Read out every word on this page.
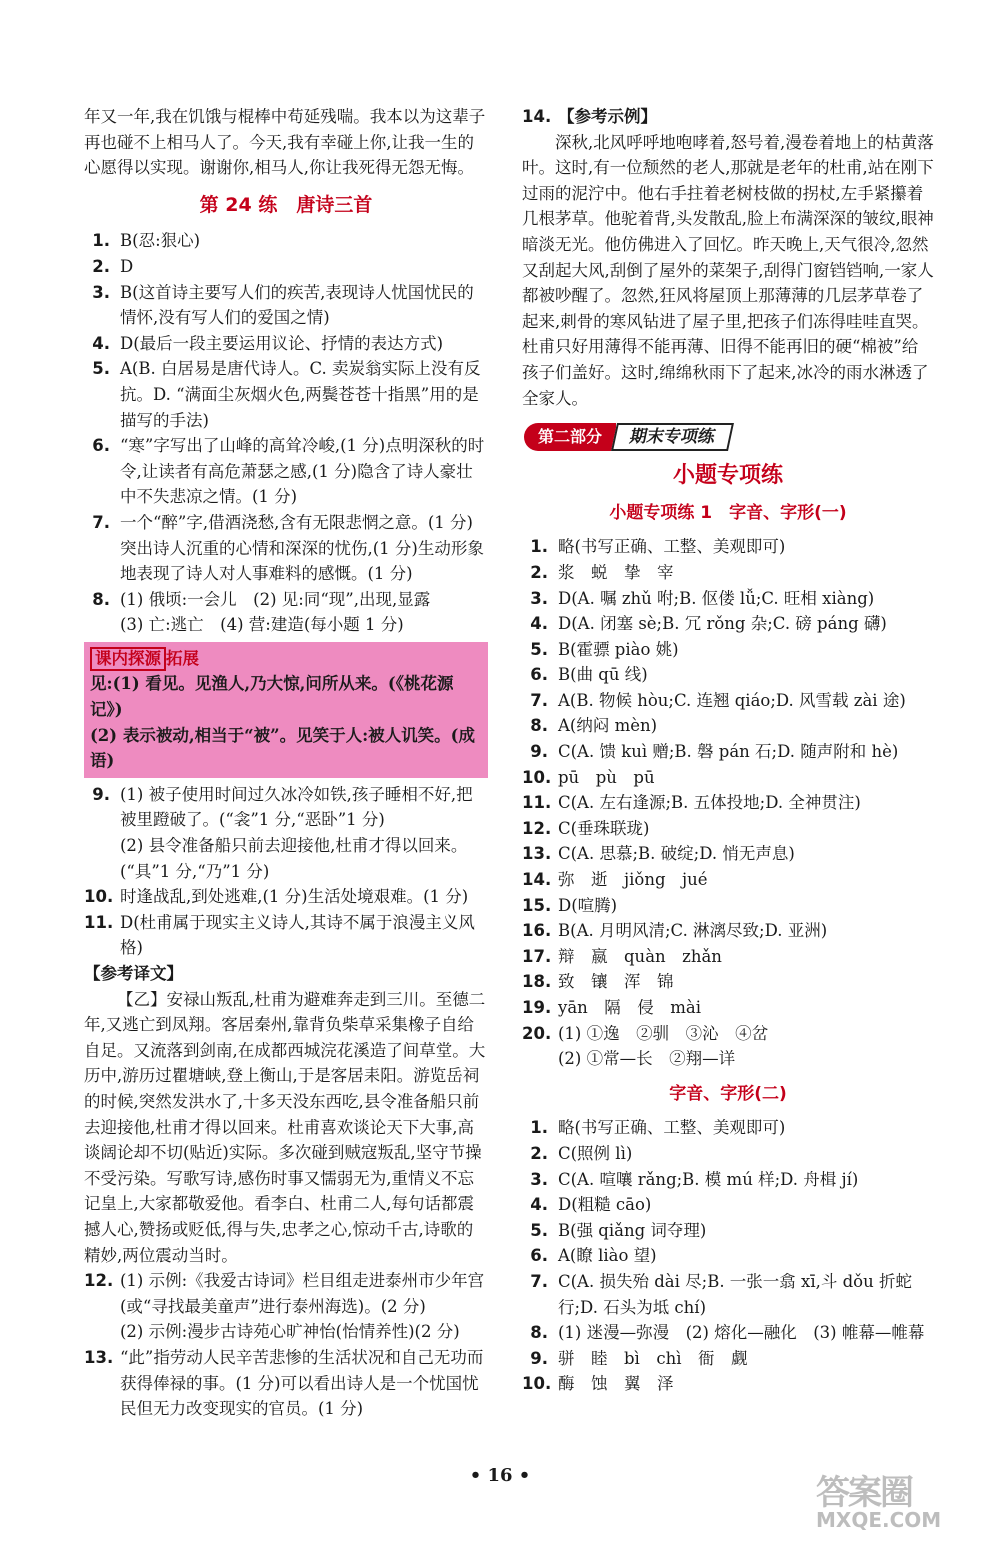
年又一年,我在饥饿与棍棒中苟延残喘。我本以为这辈子再也碰不上相马人了。今天,我有幸碰上你,让我一生的心愿得以实现。谢谢你,相马人,你让我死得无怨无悔。

第 24 练　唐诗三首

1. B(忍:狠心)
2. D
3. B(这首诗主要写人们的疾苦,表现诗人忧国忧民的情怀,没有写人们的爱国之情)
4. D(最后一段主要运用议论、抒情的表达方式)
5. A(B. 白居易是唐代诗人。C. 卖炭翁实际上没有反抗。D. “满面尘灰烟火色,两鬓苍苍十指黑”用的是描写的手法)
6. “寒”字写出了山峰的高耸冷峻,(1 分)点明深秋的时令,让读者有高危萧瑟之感,(1 分)隐含了诗人豪壮中不失悲凉之情。(1 分)
7. 一个“醉”字,借酒浇愁,含有无限悲惘之意。(1 分)突出诗人沉重的心情和深深的忧伤,(1 分)生动形象地表现了诗人对人事难料的感慨。(1 分)
8. (1) 俄顷:一会儿　(2) 见:同“现”,出现,显露
(3) 亡:逃亡　(4) 营:建造(每小题 1 分)
课内探源 拓展
见:(1) 看见。见渔人,乃大惊,问所从来。(《桃花源记》)
(2) 表示被动,相当于“被”。见笑于人:被人讥笑。(成语)
9. (1) 被子使用时间过久冰冷如铁,孩子睡相不好,把被里蹬破了。(“衾”1 分,“恶卧”1 分)
(2) 县令准备船只前去迎接他,杜甫才得以回来。(“具”1 分,“乃”1 分)
10. 时逢战乱,到处逃难,(1 分)生活处境艰难。(1 分)
11. D(杜甫属于现实主义诗人,其诗不属于浪漫主义风格)

【参考译文】

【乙】安禄山叛乱,杜甫为避难奔走到三川。至德二年,又逃亡到凤翔。客居秦州,靠背负柴草采集橡子自给自足。又流落到剑南,在成都西城浣花溪造了间草堂。大历中,游历过瞿塘峡,登上衡山,于是客居耒阳。游览岳祠的时候,突然发洪水了,十多天没东西吃,县令准备船只前去迎接他,杜甫才得以回来。杜甫喜欢谈论天下大事,高谈阔论却不切(贴近)实际。多次碰到贼寇叛乱,坚守节操不受污染。写歌写诗,感伤时事又懦弱无为,重情义不忘记皇上,大家都敬爱他。看李白、杜甫二人,每句话都震撼人心,赞扬或贬低,得与失,忠孝之心,惊动千古,诗歌的精妙,两位震动当时。

12. (1) 示例:《我爱古诗词》栏目组走进泰州市少年宫(或“寻找最美童声”进行泰州海选)。(2 分)
(2) 示例:漫步古诗苑心旷神怡(怡情养性)(2 分)
13. “此”指劳动人民辛苦悲惨的生活状况和自己无功而获得俸禄的事。(1 分)可以看出诗人是一个忧国忧民但无力改变现实的官员。(1 分)
14. 【参考示例】

深秋,北风呼呼地咆哮着,怒号着,漫卷着地上的枯黄落叶。这时,有一位颓然的老人,那就是老年的杜甫,站在刚下过雨的泥泞中。他右手拄着老树枝做的拐杖,左手紧攥着几根茅草。他驼着背,头发散乱,脸上布满深深的皱纹,眼神暗淡无光。他仿佛进入了回忆。昨天晚上,天气很冷,忽然又刮起大风,刮倒了屋外的菜架子,刮得门窗铛铛响,一家人都被吵醒了。忽然,狂风将屋顶上那薄薄的几层茅草卷了起来,刺骨的寒风钻进了屋子里,把孩子们冻得哇哇直哭。杜甫只好用薄得不能再薄、旧得不能再旧的硬“棉被”给孩子们盖好。这时,绵绵秋雨下了起来,冰冷的雨水淋透了全家人。

第二部分	期末专项练

小题专项练

小题专项练 1　字音、字形(一)

1. 略(书写正确、工整、美观即可)
2. 浆　蜕　挚　宰
3. D(A. 嘱 zhǔ 咐;B. 伛偻 lǚ;C. 旺相 xiàng)
4. D(A. 闭塞 sè;B. 冗 rǒng 杂;C. 磅 páng 礴)
5. B(霍骠 piào 姚)
6. B(曲 qū 线)
7. A(B. 物候 hòu;C. 连翘 qiáo;D. 风雪载 zài 途)
8. A(纳闷 mèn)
9. C(A. 馈 kuì 赠;B. 磐 pán 石;D. 随声附和 hè)
10. pū　pù　pū
11. C(A. 左右逢源;B. 五体投地;D. 全神贯注)
12. C(垂珠联珑)
13. C(A. 思慕;B. 破绽;D. 悄无声息)
14. 弥　逝　jiǒng　jué
15. D(喧腾)
16. B(A. 月明风清;C. 淋漓尽致;D. 亚洲)
17. 辩　嬴　quàn　zhǎn
18. 致　镶　浑　锦
19. yān　隔　侵　mài
20. (1) ①逸　②驯　③沁　④岔
(2) ①常—长　②翔—详

字音、字形(二)

1. 略(书写正确、工整、美观即可)
2. C(照例 lì)
3. C(A. 喧嚷 rǎng;B. 模 mú 样;D. 舟楫 jí)
4. D(粗糙 cāo)
5. B(强 qiǎng 词夺理)
6. A(瞭 liào 望)
7. C(A. 损失殆 dài 尽;B. 一张一翕 xī,斗 dǒu 折蛇行;D. 石头为坻 chí)
8. (1) 迷漫—弥漫　(2) 熔化—融化　(3) 帷幕—帷幕
9. 骈　睦　bì　chì　衙　觑
10. 酶　蚀　翼　泽
• 16 •	答案圈
MXQE.COM
